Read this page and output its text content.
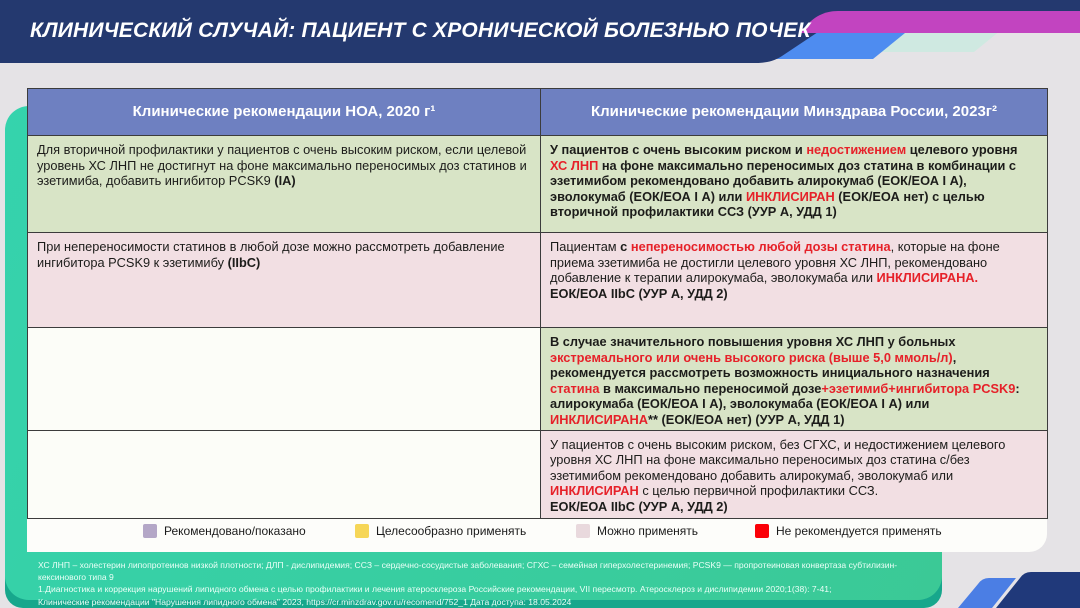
КЛИНИЧЕСКИЙ СЛУЧАЙ: ПАЦИЕНТ С ХРОНИЧЕСКОЙ БОЛЕЗНЬЮ ПОЧЕК
ХС ЛНП – холестерин липопротеинов низкой плотности; ДЛП - дислипидемия; ССЗ – сердечно-сосудистые заболевания; СГХС – семейная гиперхолестеринемия; PCSK9 — пропротеиновая конвертаза субтилизин-
кексинового типа 9
1.Диагностика и коррекция нарушений липидного обмена с целью профилактики и лечения атеросклероза Российские рекомендации, VII пересмотр. Атеросклероз и дислипидемии 2020;1(38): 7-41;
Клинические рекомендации "Нарушения липидного обмена" 2023, https://cr.minzdrav.gov.ru/recomend/752_1 Дата доступа: 18.05.2024
Клинические рекомендации НОА, 2020 г¹	Клинические рекомендации Минздрава России, 2023г²
Для вторичной профилактики у пациентов с очень высоким риском, если целевой уровень ХС ЛНП не достигнут на фоне максимально переносимых доз статинов и эзетимиба, добавить ингибитор PCSK9 (IA)	У пациентов с очень высоким риском и недостижением целевого уровня ХС ЛНП на фоне максимально переносимых доз статина в комбинации с эзетимибом рекомендовано добавить алирокумаб (ЕОК/ЕОА I А), эволокумаб (ЕОК/ЕОА I А) или ИНКЛИСИРАН (ЕОК/ЕОА нет) с целью вторичной профилактики ССЗ (УУР А, УДД 1)
При непереносимости статинов в любой дозе можно рассмотреть добавление ингибитора PCSK9 к эзетимибу (IIbC)	Пациентам с непереносимостью любой дозы статина, которые на фоне приема эзетимиба не достигли целевого уровня ХС ЛНП, рекомендовано добавление к терапии алирокумаба, эволокумаба или ИНКЛИСИРАНА.
ЕОК/ЕОА IIbC (УУР А, УДД 2)
	В случае значительного повышения уровня ХС ЛНП у больных экстремального или очень высокого риска (выше 5,0 ммоль/л), рекомендуется рассмотреть возможность инициального назначения статина в максимально переносимой дозе+эзетимиб+ингибитора PCSK9: алирокумаба (ЕОК/ЕОА I А), эволокумаба (ЕОК/ЕОА I А) или ИНКЛИСИРАНА** (ЕОК/ЕОА нет) (УУР А, УДД 1)
	У пациентов с очень высоким риском, без СГХС, и недостижением целевого уровня ХС ЛНП на фоне максимально переносимых доз статина с/без эзетимибом рекомендовано добавить алирокумаб, эволокумаб или ИНКЛИСИРАН с целью первичной профилактики ССЗ.
ЕОК/ЕОА IIbC (УУР А, УДД 2)
Рекомендовано/показано	Целесообразно применять	Можно применять	Не рекомендуется применять
